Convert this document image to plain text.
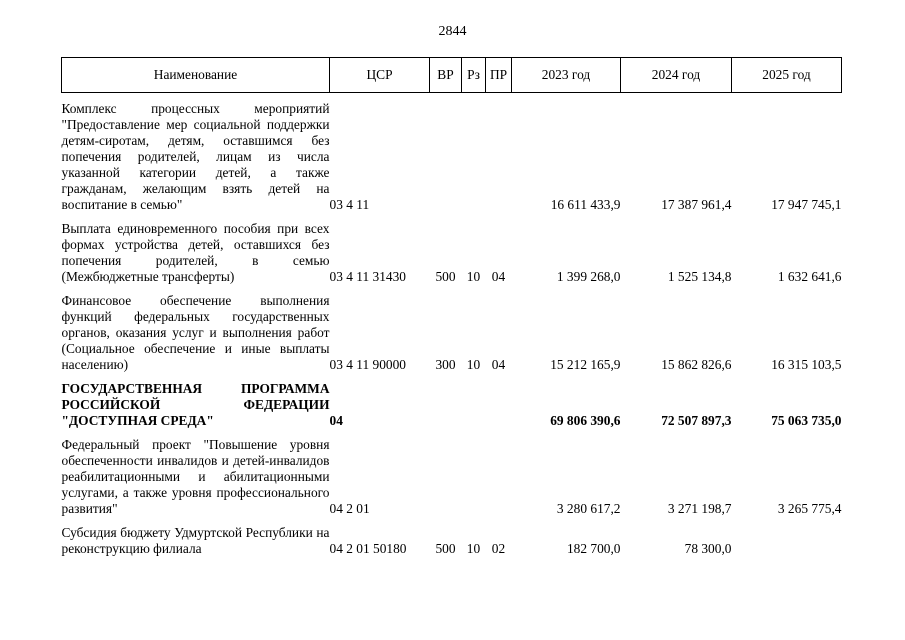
2844
Наименование	ЦСР	ВР	Рз	ПР	2023 год	2024 год	2025 год

Комплекс процессных мероприятий "Предоставление мер социальной поддержки детям-сиротам, детям, оставшимся без попечения родителей, лицам из числа указанной категории детей, а также гражданам, желающим взять детей на воспитание в семью"	03 4 11				16 611 433,9	17 387 961,4	17 947 745,1

Выплата единовременного пособия при всех формах устройства детей, оставшихся без попечения родителей, в семью (Межбюджетные трансферты)	03 4 11 31430	500	10	04	1 399 268,0	1 525 134,8	1 632 641,6

Финансовое обеспечение выполнения функций федеральных государственных органов, оказания услуг и выполнения работ (Социальное обеспечение и иные выплаты населению)	03 4 11 90000	300	10	04	15 212 165,9	15 862 826,6	16 315 103,5

ГОСУДАРСТВЕННАЯ ПРОГРАММА РОССИЙСКОЙ ФЕДЕРАЦИИ "ДОСТУПНАЯ СРЕДА"	04				69 806 390,6	72 507 897,3	75 063 735,0

Федеральный проект "Повышение уровня обеспеченности инвалидов и детей-инвалидов реабилитационными и абилитационными услугами, а также уровня профессионального развития"	04 2 01				3 280 617,2	3 271 198,7	3 265 775,4

Субсидия бюджету Удмуртской Республики на реконструкцию филиала	04 2 01 50180	500	10	02	182 700,0	78 300,0	
